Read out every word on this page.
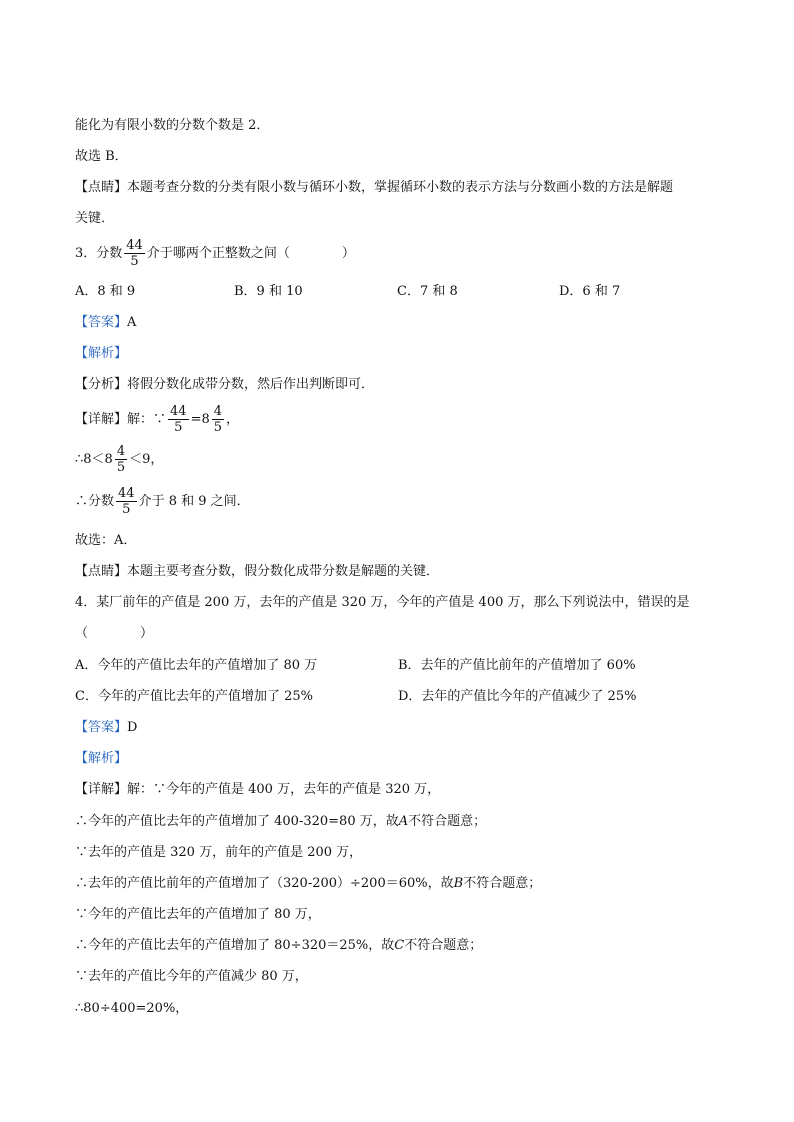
能化为有限小数的分数个数是 2．
故选 B．
【点睛】本题考查分数的分类有限小数与循环小数，掌握循环小数的表示方法与分数画小数的方法是解题
关键．
3．分数 $\frac{44}{5}$ 介于哪两个正整数之间（　　　　）
A．8 和 9	B．9 和 10	C．7 和 8	D．6 和 7
【答案】A
【解析】
【分析】将假分数化成带分数，然后作出判断即可．
【详解】解：∵ $\frac{44}{5} =8 \frac{4}{5}$ ，
∴8＜8 $\frac{4}{5} <9$，
∴分数 $\frac{44}{5}$ 介于 8 和 9 之间．
故选：A．
【点睛】本题主要考查分数，假分数化成带分数是解题的关键．
4．某厂前年的产值是 200 万，去年的产值是 320 万，今年的产值是 400 万，那么下列说法中，错误的是
（　　　　）
A．今年的产值比去年的产值增加了 80 万	B．去年的产值比前年的产值增加了 60%
C．今年的产值比去年的产值增加了 25%	D．去年的产值比今年的产值减少了 25%
【答案】D
【解析】
【详解】解：∵今年的产值是 400 万，去年的产值是 320 万，
∴今年的产值比去年的产值增加了 400-320=80 万，故A不符合题意；
∵去年的产值是 320 万，前年的产值是 200 万，
∴去年的产值比前年的产值增加了（320-200）÷200＝60%，故B不符合题意；
∵今年的产值比去年的产值增加了 80 万，
∴今年的产值比去年的产值增加了 80÷320＝25%，故C不符合题意；
∵去年的产值比今年的产值减少 80 万，
∴80÷400=20%，
